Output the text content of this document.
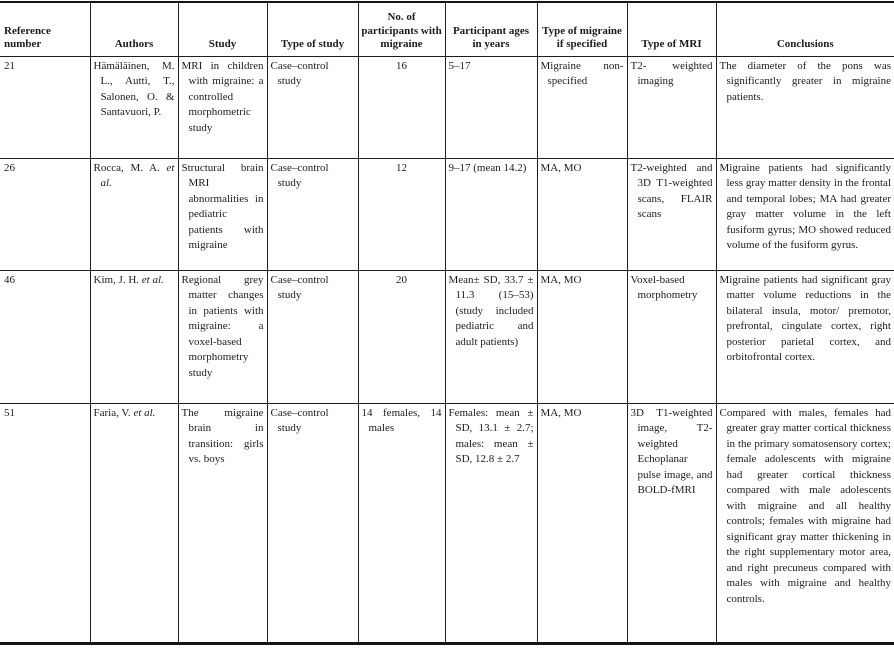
Reference number	Authors	Study	Type of study	No. of participants with migraine	Participant ages in years	Type of migraine if specified	Type of MRI	Conclusions
21	Hämäläinen, M. L., Autti, T., Salonen, O. & Santavuori, P.	MRI in children with migraine: a controlled morphometric study	Case–control study	16	5–17	Migraine non-specified	T2- weighted imaging	The diameter of the pons was significantly greater in migraine patients.
26	Rocca, M. A. et al.	Structural brain MRI abnormalities in pediatric patients with migraine	Case–control study	12	9–17 (mean 14.2)	MA, MO	T2-weighted and 3D T1-weighted scans, FLAIR scans	Migraine patients had significantly less gray matter density in the frontal and temporal lobes; MA had greater gray matter volume in the left fusiform gyrus; MO showed reduced volume of the fusiform gyrus.
46	Kim, J. H. et al.	Regional grey matter changes in patients with migraine: a voxel-based morphometry study	Case–control study	20	Mean± SD, 33.7 ± 11.3 (15–53) (study included pediatric and adult patients)	MA, MO	Voxel-based morphometry	Migraine patients had significant gray matter volume reductions in the bilateral insula, motor/ premotor, prefrontal, cingulate cortex, right posterior parietal cortex, and orbitofrontal cortex.
51	Faria, V. et al.	The migraine brain in transition: girls vs. boys	Case–control study	14 females, 14 males	Females: mean ± SD, 13.1 ± 2.7; males: mean ± SD, 12.8 ± 2.7	MA, MO	3D T1-weighted image, T2-weighted Echoplanar pulse image, and BOLD-fMRI	Compared with males, females had greater gray matter cortical thickness in the primary somatosensory cortex; female adolescents with migraine had greater cortical thickness compared with male adolescents with migraine and all healthy controls; females with migraine had significant gray matter thickening in the right supplementary motor area, and right precuneus compared with males with migraine and healthy controls.
